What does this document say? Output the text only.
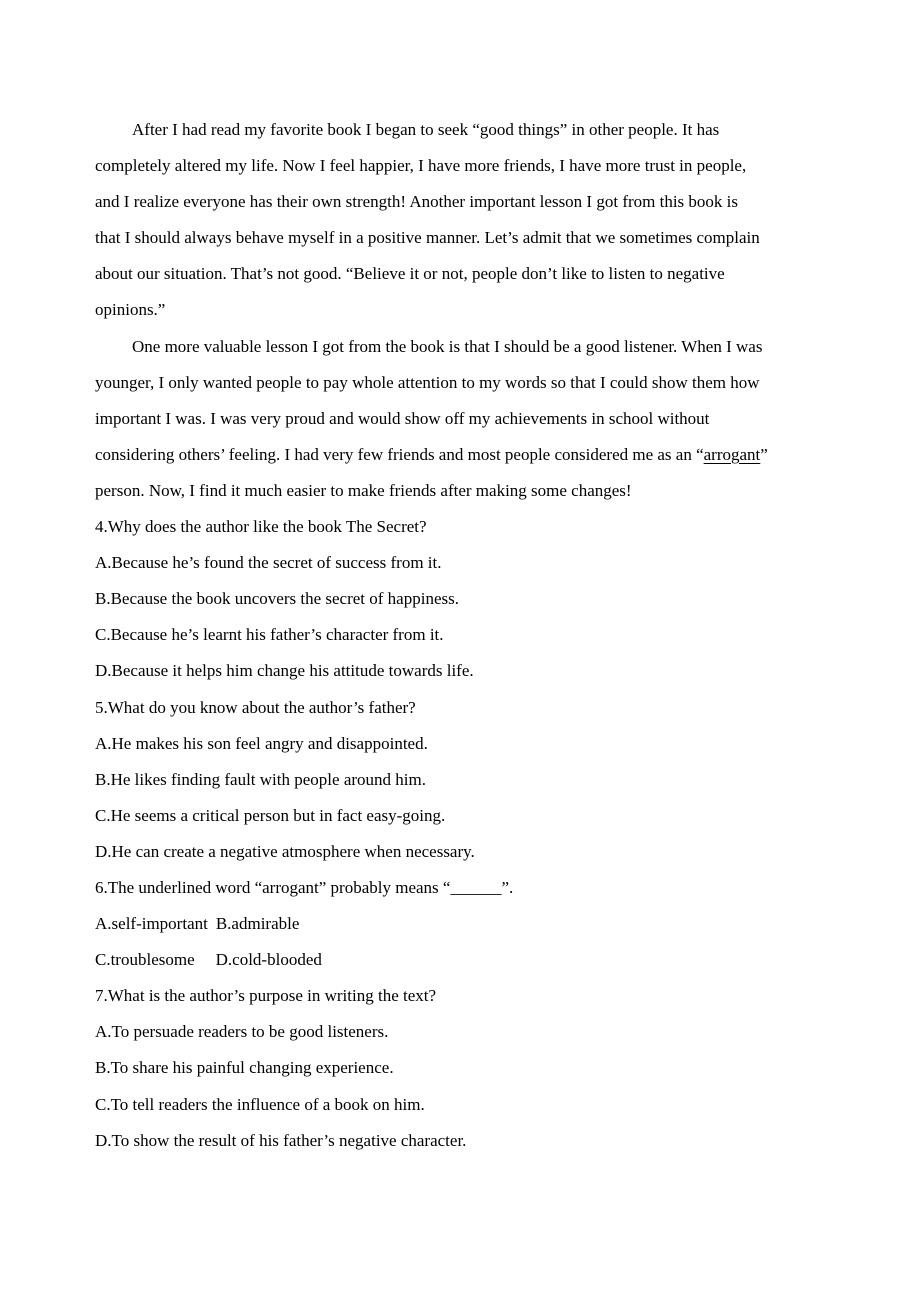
After I had read my favorite book I began to seek “good things” in other people. It has
completely altered my life. Now I feel happier, I have more friends, I have more trust in people,
and I realize everyone has their own strength! Another important lesson I got from this book is
that I should always behave myself in a positive manner. Let’s admit that we sometimes complain
about our situation. That’s not good. “Believe it or not, people don’t like to listen to negative
opinions.”
One more valuable lesson I got from the book is that I should be a good listener. When I was
younger, I only wanted people to pay whole attention to my words so that I could show them how
important I was. I was very proud and would show off my achievements in school without
considering others’ feeling. I had very few friends and most people considered me as an “arrogant”
person. Now, I find it much easier to make friends after making some changes!
4.Why does the author like the book The Secret?
A.Because he’s found the secret of success from it.
B.Because the book uncovers the secret of happiness.
C.Because he’s learnt his father’s character from it.
D.Because it helps him change his attitude towards life.
5.What do you know about the author’s father?
A.He makes his son feel angry and disappointed.
B.He likes finding fault with people around him.
C.He seems a critical person but in fact easy-going.
D.He can create a negative atmosphere when necessary.
6.The underlined word “arrogant” probably means “______”.
A.self-important B.admirable
C.troublesome D.cold-blooded
7.What is the author’s purpose in writing the text?
A.To persuade readers to be good listeners.
B.To share his painful changing experience.
C.To tell readers the influence of a book on him.
D.To show the result of his father’s negative character.
